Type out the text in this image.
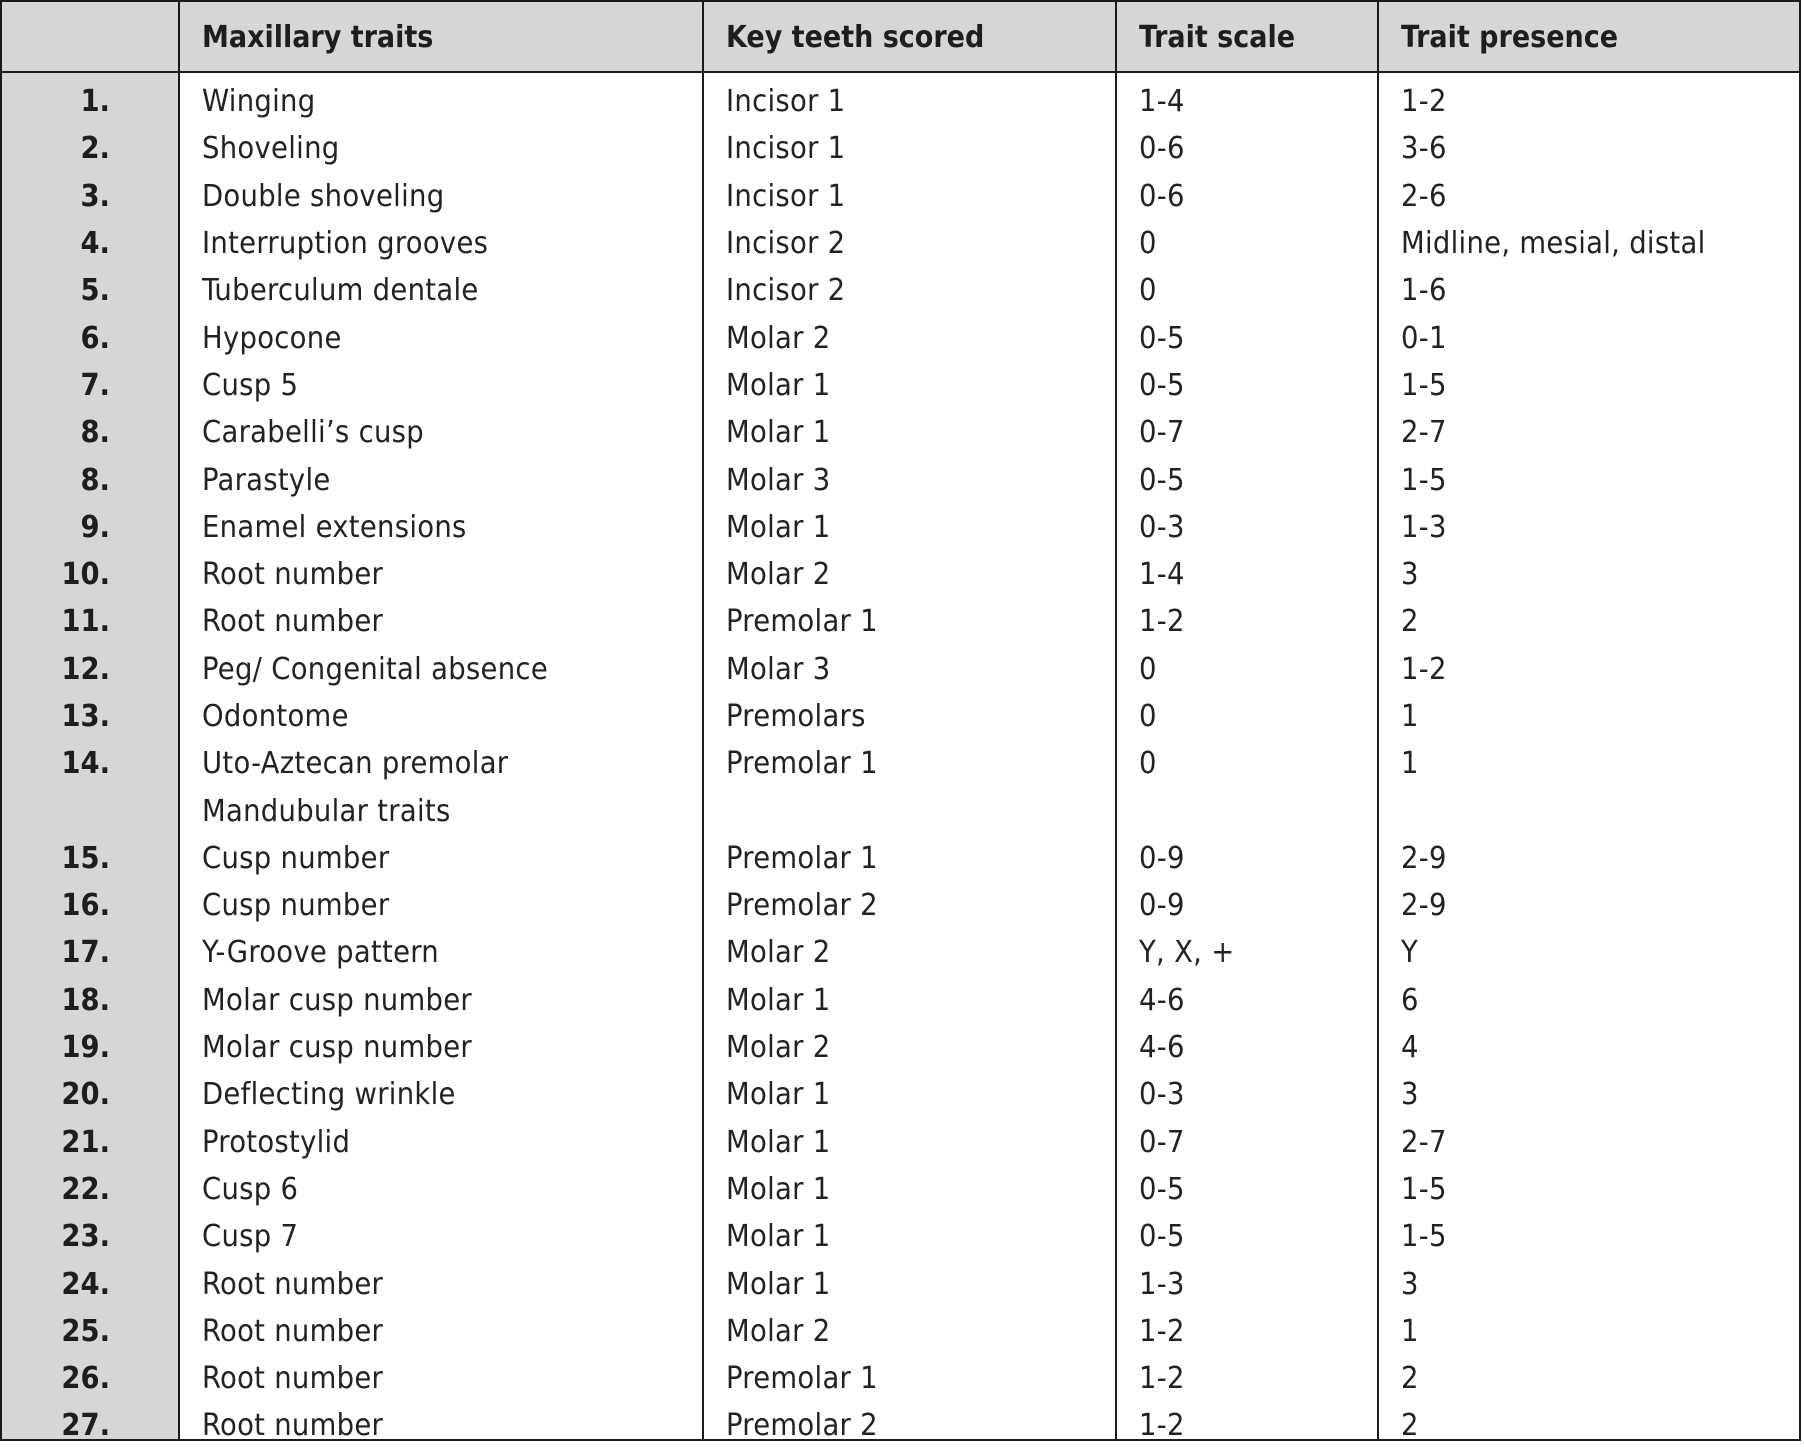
	Maxillary traits	Key teeth scored	Trait scale	Trait presence
1.	Winging	Incisor 1	1-4	1-2
2.	Shoveling	Incisor 1	0-6	3-6
3.	Double shoveling	Incisor 1	0-6	2-6
4.	Interruption grooves	Incisor 2	0	Midline, mesial, distal
5.	Tuberculum dentale	Incisor 2	0	1-6
6.	Hypocone	Molar 2	0-5	0-1
7.	Cusp 5	Molar 1	0-5	1-5
8.	Carabelli’s cusp	Molar 1	0-7	2-7
8.	Parastyle	Molar 3	0-5	1-5
9.	Enamel extensions	Molar 1	0-3	1-3
10.	Root number	Molar 2	1-4	3
11.	Root number	Premolar 1	1-2	2
12.	Peg/ Congenital absence	Molar 3	0	1-2
13.	Odontome	Premolars	0	1
14.	Uto-Aztecan premolar	Premolar 1	0	1
	Mandubular traits			
15.	Cusp number	Premolar 1	0-9	2-9
16.	Cusp number	Premolar 2	0-9	2-9
17.	Y-Groove pattern	Molar 2	Y, X, +	Y
18.	Molar cusp number	Molar 1	4-6	6
19.	Molar cusp number	Molar 2	4-6	4
20.	Deflecting wrinkle	Molar 1	0-3	3
21.	Protostylid	Molar 1	0-7	2-7
22.	Cusp 6	Molar 1	0-5	1-5
23.	Cusp 7	Molar 1	0-5	1-5
24.	Root number	Molar 1	1-3	3
25.	Root number	Molar 2	1-2	1
26.	Root number	Premolar 1	1-2	2
27.	Root number	Premolar 2	1-2	2
